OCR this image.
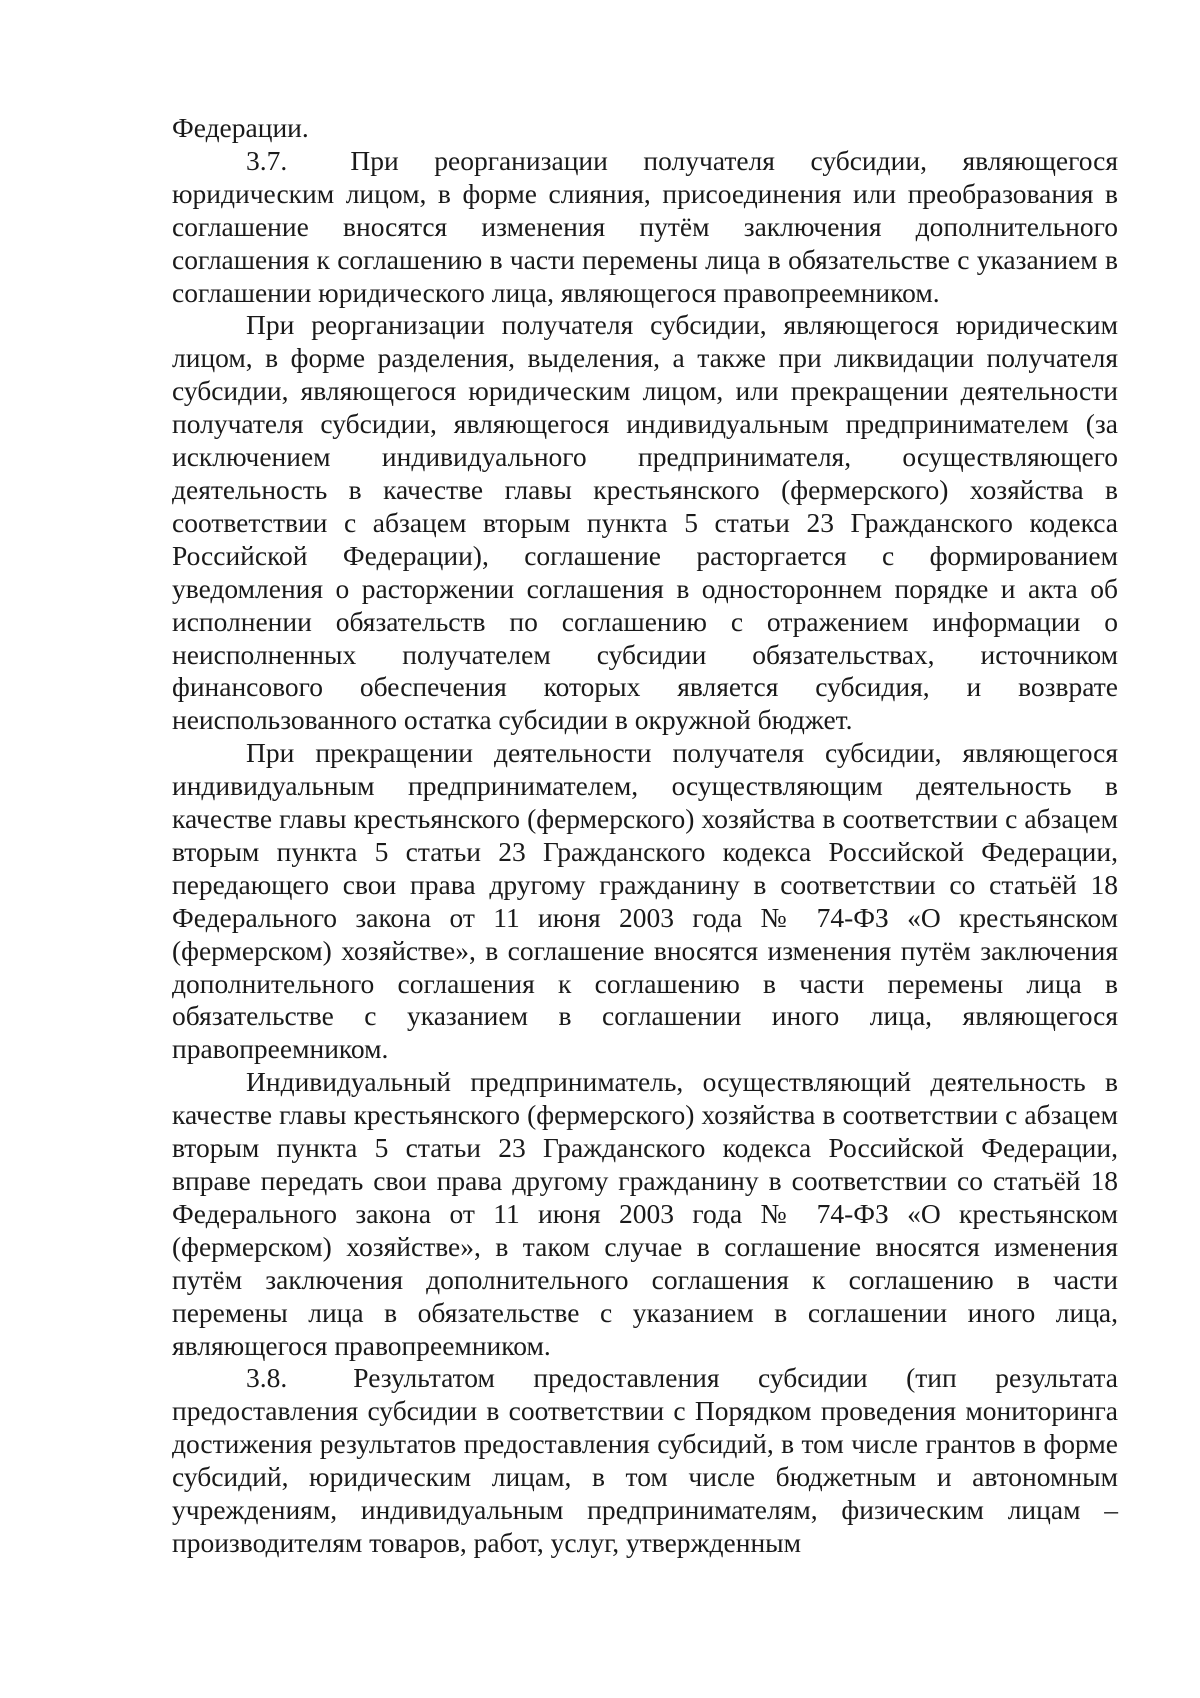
Федерации.

3.7.  При реорганизации получателя субсидии, являющегося юридическим лицом, в форме слияния, присоединения или преобразования в соглашение вносятся изменения путём заключения дополнительного соглашения к соглашению в части перемены лица в обязательстве с указанием в соглашении юридического лица, являющегося правопреемником.

При реорганизации получателя субсидии, являющегося юридическим лицом, в форме разделения, выделения, а также при ликвидации получателя субсидии, являющегося юридическим лицом, или прекращении деятельности получателя субсидии, являющегося индивидуальным предпринимателем (за исключением индивидуального предпринимателя, осуществляющего деятельность в качестве главы крестьянского (фермерского) хозяйства в соответствии с абзацем вторым пункта 5 статьи 23 Гражданского кодекса Российской Федерации), соглашение расторгается с формированием уведомления о расторжении соглашения в одностороннем порядке и акта об исполнении обязательств по соглашению с отражением информации о неисполненных получателем субсидии обязательствах, источником финансового обеспечения которых является субсидия, и возврате неиспользованного остатка субсидии в окружной бюджет.

При прекращении деятельности получателя субсидии, являющегося индивидуальным предпринимателем, осуществляющим деятельность в качестве главы крестьянского (фермерского) хозяйства в соответствии с абзацем вторым пункта 5 статьи 23 Гражданского кодекса Российской Федерации, передающего свои права другому гражданину в соответствии со статьёй 18 Федерального закона от 11 июня 2003 года № 74-ФЗ «О крестьянском (фермерском) хозяйстве», в соглашение вносятся изменения путём заключения дополнительного соглашения к соглашению в части перемены лица в обязательстве с указанием в соглашении иного лица, являющегося правопреемником.

Индивидуальный предприниматель, осуществляющий деятельность в качестве главы крестьянского (фермерского) хозяйства в соответствии с абзацем вторым пункта 5 статьи 23 Гражданского кодекса Российской Федерации, вправе передать свои права другому гражданину в соответствии со статьёй 18 Федерального закона от 11 июня 2003 года № 74-ФЗ «О крестьянском (фермерском) хозяйстве», в таком случае в соглашение вносятся изменения путём заключения дополнительного соглашения к соглашению в части перемены лица в обязательстве с указанием в соглашении иного лица, являющегося правопреемником.

3.8.  Результатом предоставления субсидии (тип результата предоставления субсидии в соответствии с Порядком проведения мониторинга достижения результатов предоставления субсидий, в том числе грантов в форме субсидий, юридическим лицам, в том числе бюджетным и автономным учреждениям, индивидуальным предпринимателям, физическим лицам – производителям товаров, работ, услуг, утвержденным
